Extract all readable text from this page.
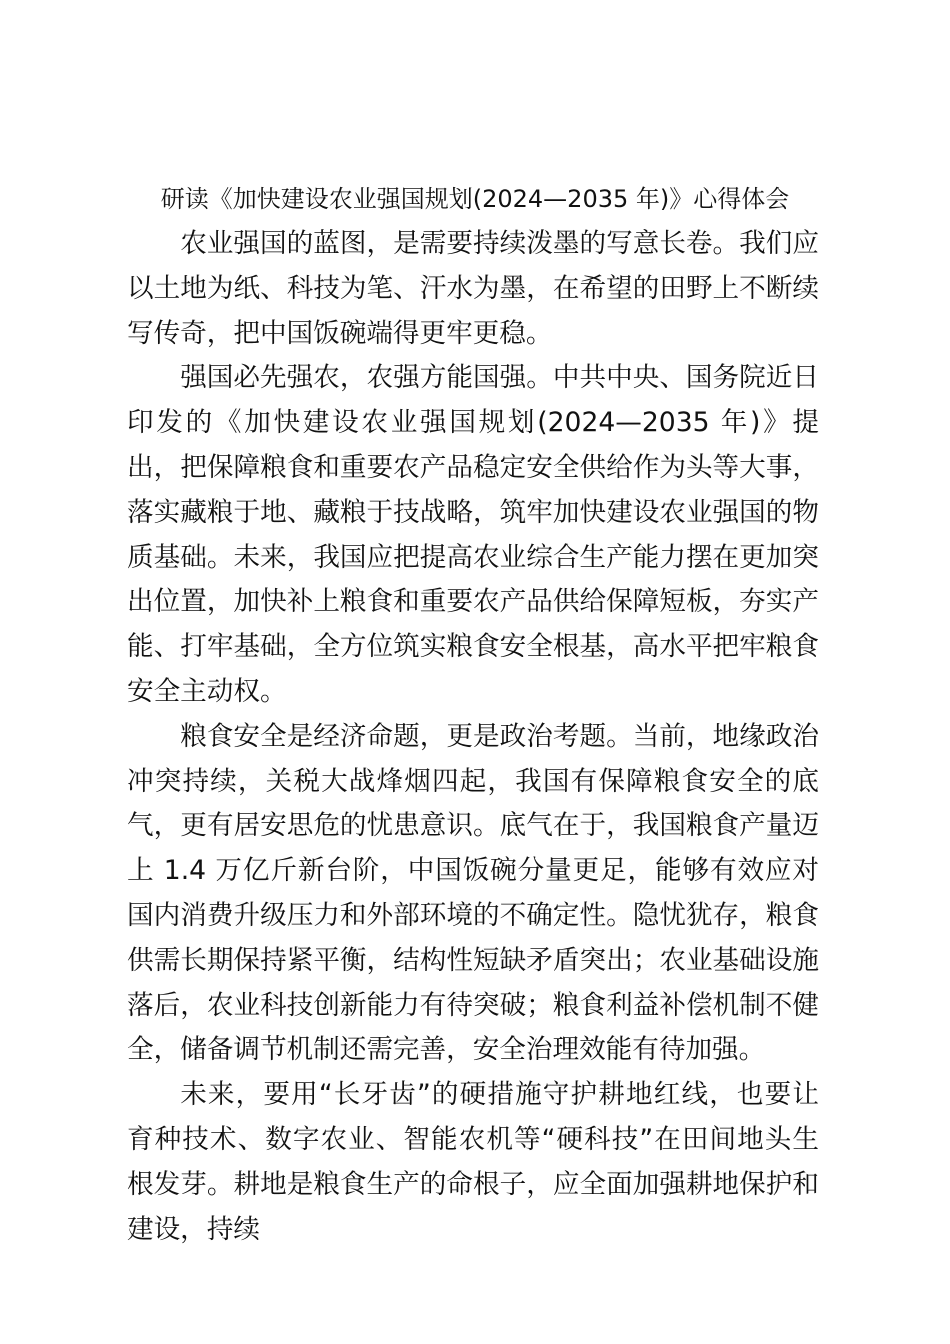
研读《加快建设农业强国规划(2024—2035 年)》心得体会

农业强国的蓝图，是需要持续泼墨的写意长卷。我们应以土地为纸、科技为笔、汗水为墨，在希望的田野上不断续写传奇，把中国饭碗端得更牢更稳。

强国必先强农，农强方能国强。中共中央、国务院近日印发的《加快建设农业强国规划(2024—2035 年)》提出，把保障粮食和重要农产品稳定安全供给作为头等大事，落实藏粮于地、藏粮于技战略，筑牢加快建设农业强国的物质基础。未来，我国应把提高农业综合生产能力摆在更加突出位置，加快补上粮食和重要农产品供给保障短板，夯实产能、打牢基础，全方位筑实粮食安全根基，高水平把牢粮食安全主动权。

粮食安全是经济命题，更是政治考题。当前，地缘政治冲突持续，关税大战烽烟四起，我国有保障粮食安全的底气，更有居安思危的忧患意识。底气在于，我国粮食产量迈上 1.4 万亿斤新台阶，中国饭碗分量更足，能够有效应对国内消费升级压力和外部环境的不确定性。隐忧犹存，粮食供需长期保持紧平衡，结构性短缺矛盾突出；农业基础设施落后，农业科技创新能力有待突破；粮食利益补偿机制不健全，储备调节机制还需完善，安全治理效能有待加强。

未来，要用“长牙齿”的硬措施守护耕地红线，也要让育种技术、数字农业、智能农机等“硬科技”在田间地头生根发芽。耕地是粮食生产的命根子，应全面加强耕地保护和建设，持续
